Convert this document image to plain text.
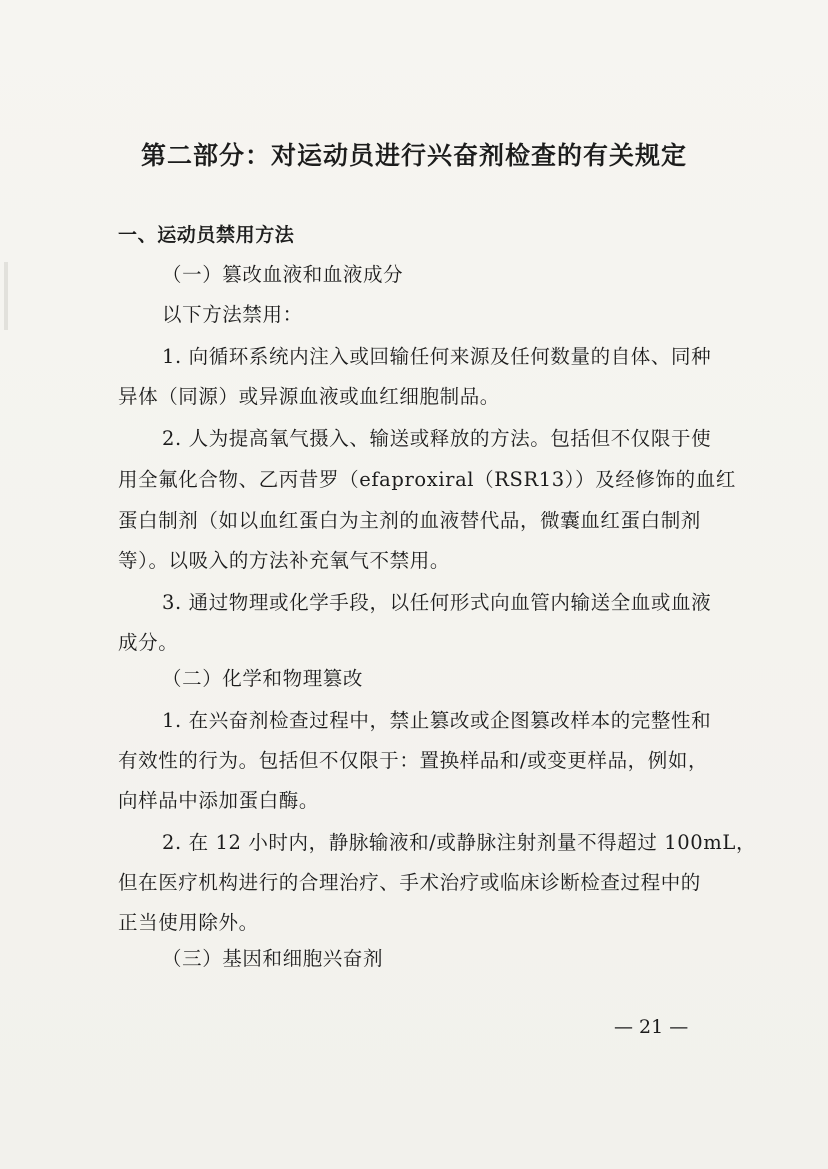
第二部分：对运动员进行兴奋剂检查的有关规定
一、运动员禁用方法
（一）篡改血液和血液成分
以下方法禁用：
1. 向循环系统内注入或回输任何来源及任何数量的自体、同种
异体（同源）或异源血液或血红细胞制品。
2. 人为提高氧气摄入、输送或释放的方法。包括但不仅限于使
用全氟化合物、乙丙昔罗（efaproxiral（RSR13））及经修饰的血红
蛋白制剂（如以血红蛋白为主剂的血液替代品，微囊血红蛋白制剂
等）。以吸入的方法补充氧气不禁用。
3. 通过物理或化学手段，以任何形式向血管内输送全血或血液
成分。
（二）化学和物理篡改
1. 在兴奋剂检查过程中，禁止篡改或企图篡改样本的完整性和
有效性的行为。包括但不仅限于：置换样品和/或变更样品，例如，
向样品中添加蛋白酶。
2. 在 12 小时内，静脉输液和/或静脉注射剂量不得超过 100mL，
但在医疗机构进行的合理治疗、手术治疗或临床诊断检查过程中的
正当使用除外。
（三）基因和细胞兴奋剂
— 21 —
